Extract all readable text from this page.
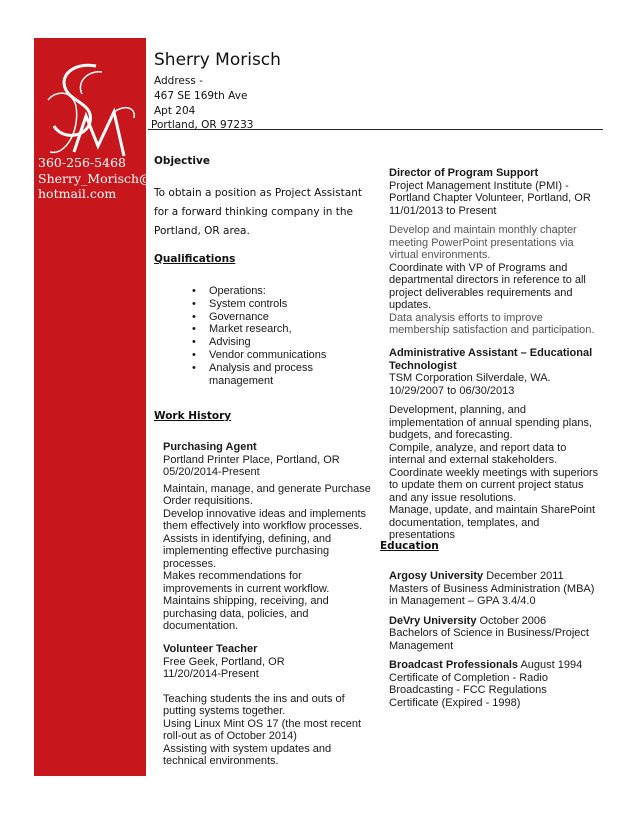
360-256-5468
Sherry_Morisch@
hotmail.com
Sherry Morisch
Address -
467 SE 169th Ave
Apt 204
Portland, OR 97233
Objective
To obtain a position as Project Assistant for a forward thinking company in the Portland, OR area.
Qualifications
• Operations:
• System controls
• Governance
• Market research,
• Advising
• Vendor communications
• Analysis and process management
Work History
Purchasing Agent
Portland Printer Place, Portland, OR
05/20/2014-Present
Maintain, manage, and generate Purchase Order requisitions.
Develop innovative ideas and implements them effectively into workflow processes.
Assists in identifying, defining, and implementing effective purchasing processes.
Makes recommendations for improvements in current workflow.
Maintains shipping, receiving, and purchasing data, policies, and documentation.
Volunteer Teacher
Free Geek, Portland, OR 11/20/2014-Present
Teaching students the ins and outs of putting systems together.
Using Linux Mint OS 17 (the most recent roll-out as of October 2014)
Assisting with system updates and technical environments.
Director of Program Support
Project Management Institute (PMI) - Portland Chapter Volunteer, Portland, OR
11/01/2013 to Present
Develop and maintain monthly chapter meeting PowerPoint presentations via virtual environments.
Coordinate with VP of Programs and departmental directors in reference to all project deliverables requirements and updates.
Data analysis efforts to improve membership satisfaction and participation.
Administrative Assistant – Educational Technologist
TSM Corporation Silverdale, WA. 10/29/2007 to 06/30/2013
Development, planning, and implementation of annual spending plans, budgets, and forecasting.
Compile, analyze, and report data to internal and external stakeholders.
Coordinate weekly meetings with superiors to update them on current project status and any issue resolutions.
Manage, update, and maintain SharePoint documentation, templates, and presentations
Education
Argosy University December 2011
Masters of Business Administration (MBA) in Management – GPA 3.4/4.0
DeVry University October 2006
Bachelors of Science in Business/Project Management
Broadcast Professionals August 1994
Certificate of Completion - Radio Broadcasting - FCC Regulations Certificate (Expired - 1998)
